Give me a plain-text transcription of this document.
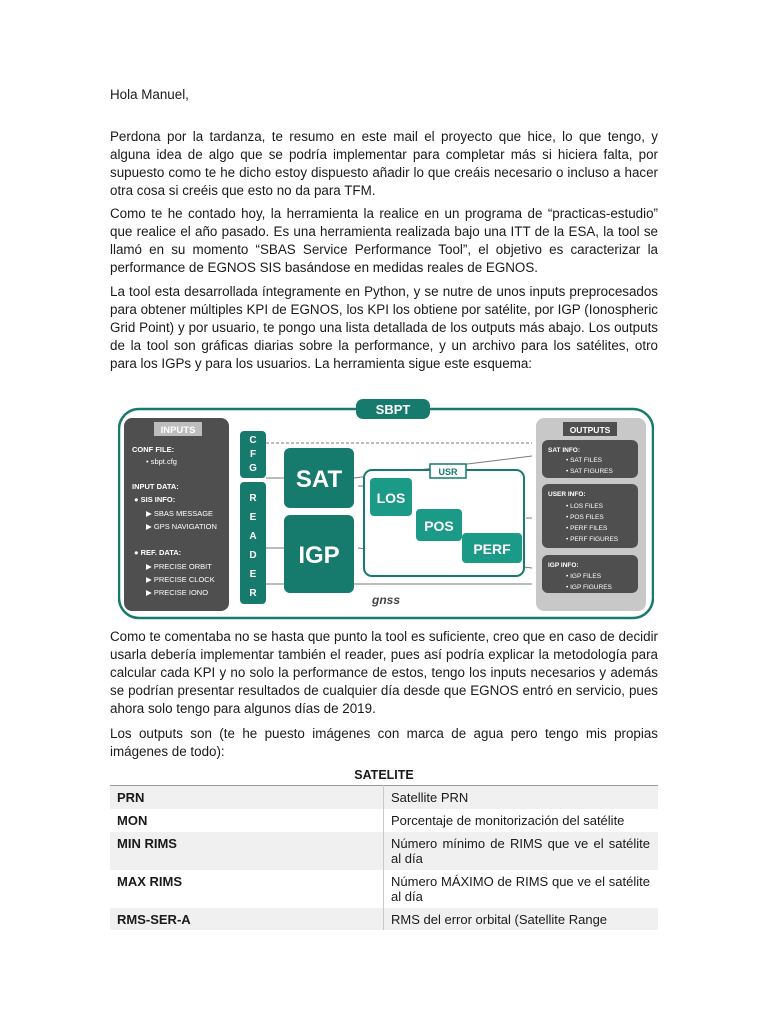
Hola Manuel,

Perdona por la tardanza, te resumo en este mail el proyecto que hice, lo que tengo, y alguna idea de algo que se podría implementar para completar más si hiciera falta, por supuesto como te he dicho estoy dispuesto añadir lo que creáis necesario o incluso a hacer otra cosa si creéis que esto no da para TFM.

Como te he contado hoy, la herramienta la realice en un programa de “practicas-estudio” que realice el año pasado. Es una herramienta realizada bajo una ITT de la ESA, la tool se llamó en su momento “SBAS Service Performance Tool”, el objetivo es caracterizar la performance de EGNOS SIS basándose en medidas reales de EGNOS.

La tool esta desarrollada íntegramente en Python, y se nutre de unos inputs preprocesados para obtener múltiples KPI de EGNOS, los KPI los obtiene por satélite, por IGP (Ionospheric Grid Point) y por usuario, te pongo una lista detallada de los outputs más abajo. Los outputs de la tool son gráficas diarias sobre la performance, y un archivo para los satélites, otro para los IGPs y para los usuarios. La herramienta sigue este esquema:

SBPT
INPUTS
CONF FILE:
• sbpt.cfg
INPUT DATA:
● SIS INFO:
▶ SBAS MESSAGE
▶ GPS NAVIGATION
● REF. DATA:
▶ PRECISE ORBIT
▶ PRECISE CLOCK
▶ PRECISE IONO
C
F
G
R
E
A
D
E
R
SAT
IGP
USR
LOS
POS
PERF
OUTPUTS
SAT INFO:
• SAT FILES
• SAT FIGURES
USER INFO:
• LOS FILES
• POS FILES
• PERF FILES
• PERF FIGURES
IGP INFO:
• IGP FILES
• IGP FIGURES
gnss

Como te comentaba no se hasta que punto la tool es suficiente, creo que en caso de decidir usarla debería implementar también el reader, pues así podría explicar la metodología para calcular cada KPI y no solo la performance de estos, tengo los inputs necesarios y además se podrían presentar resultados de cualquier día desde que EGNOS entró en servicio, pues ahora solo tengo para algunos días de 2019.

Los outputs son (te he puesto imágenes con marca de agua pero tengo mis propias imágenes de todo):

SATELITE
PRN	Satellite PRN
MON	Porcentaje de monitorización del satélite
MIN RIMS	Número mínimo de RIMS que ve el satélite al día
MAX RIMS	Número MÁXIMO de RIMS que ve el satélite al día
RMS-SER-A	RMS del error orbital (Satellite Range
